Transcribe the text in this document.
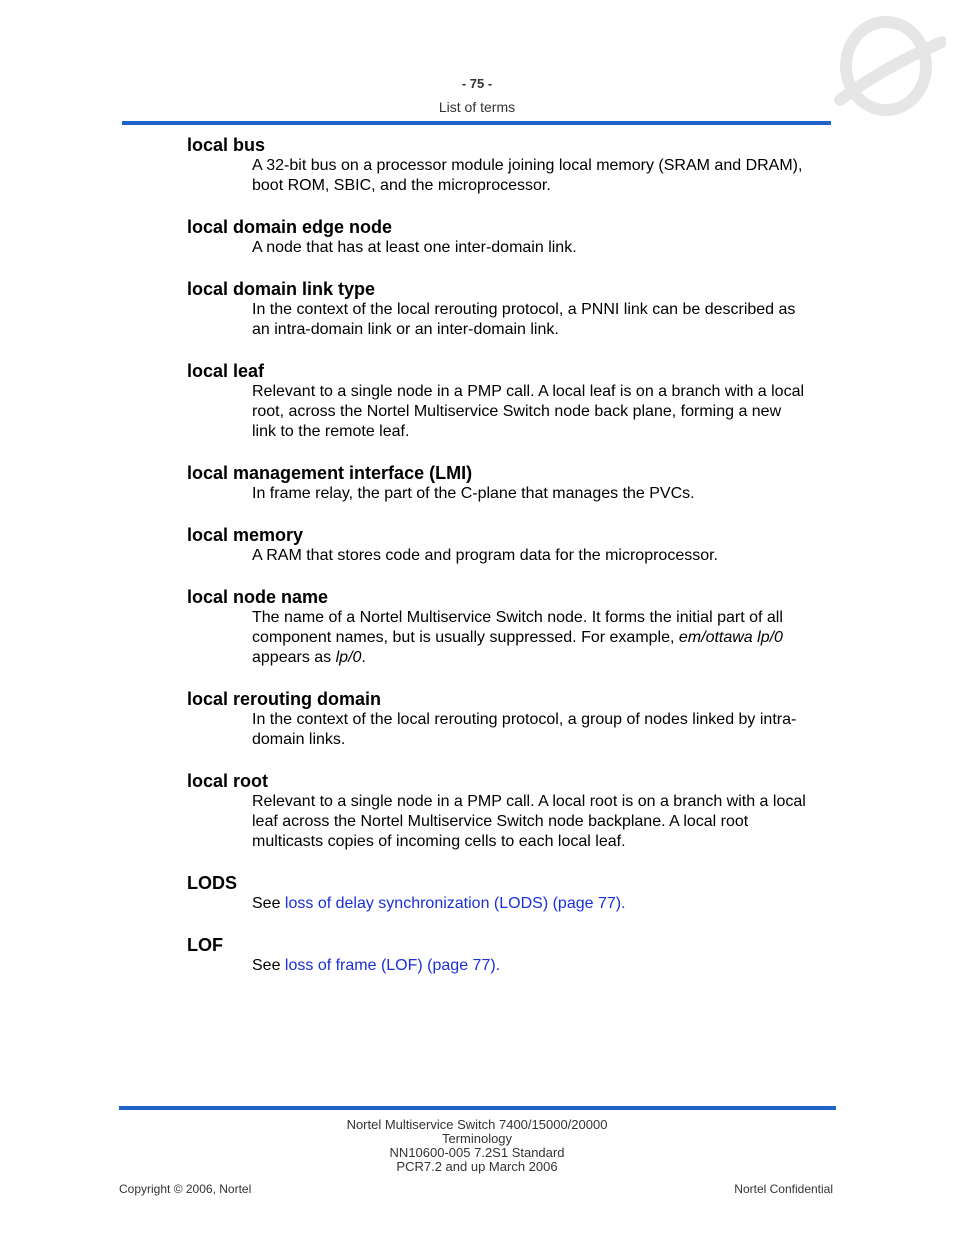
- 75 -
List of terms

local bus

A 32-bit bus on a processor module joining local memory (SRAM and DRAM),
boot ROM, SBIC, and the microprocessor.

local domain edge node

A node that has at least one inter-domain link.

local domain link type

In the context of the local rerouting protocol, a PNNI link can be described as
an intra-domain link or an inter-domain link.

local leaf

Relevant to a single node in a PMP call. A local leaf is on a branch with a local
root, across the Nortel Multiservice Switch node back plane, forming a new
link to the remote leaf.

local management interface (LMI)

In frame relay, the part of the C-plane that manages the PVCs.

local memory

A RAM that stores code and program data for the microprocessor.

local node name

The name of a Nortel Multiservice Switch node. It forms the initial part of all
component names, but is usually suppressed. For example, em/ottawa lp/0
appears as lp/0.

local rerouting domain

In the context of the local rerouting protocol, a group of nodes linked by intra-
domain links.

local root

Relevant to a single node in a PMP call. A local root is on a branch with a local
leaf across the Nortel Multiservice Switch node backplane. A local root
multicasts copies of incoming cells to each local leaf.

LODS

See loss of delay synchronization (LODS) (page 77).

LOF

See loss of frame (LOF) (page 77).

Nortel Multiservice Switch 7400/15000/20000
Terminology
NN10600-005 7.2S1 Standard
PCR7.2 and up March 2006
Copyright © 2006, Nortel	Nortel Confidential
